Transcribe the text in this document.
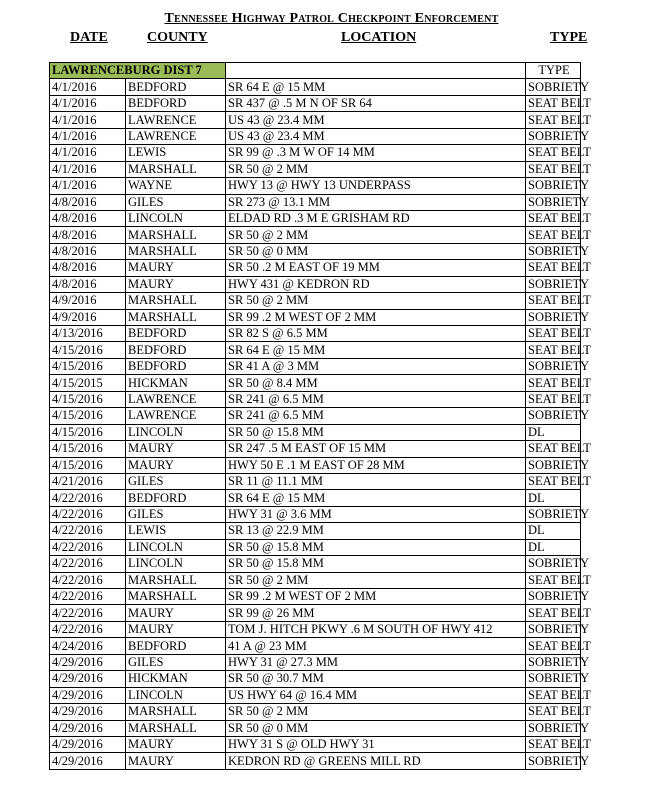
Tennessee Highway Patrol Checkpoint Enforcement
DATE	COUNTY	LOCATION	TYPE
LAWRENCEBURG DIST 7			TYPE
4/1/2016	BEDFORD	SR 64 E @ 15 MM	SOBRIETY
4/1/2016	BEDFORD	SR 437 @ .5 M N OF SR 64	SEAT BELT
4/1/2016	LAWRENCE	US 43 @ 23.4 MM	SEAT BELT
4/1/2016	LAWRENCE	US 43 @ 23.4 MM	SOBRIETY
4/1/2016	LEWIS	SR 99 @ .3 M W OF 14 MM	SEAT BELT
4/1/2016	MARSHALL	SR 50 @ 2 MM	SEAT BELT
4/1/2016	WAYNE	HWY 13 @ HWY 13 UNDERPASS	SOBRIETY
4/8/2016	GILES	SR 273 @ 13.1 MM	SOBRIETY
4/8/2016	LINCOLN	ELDAD RD .3 M E GRISHAM RD	SEAT BELT
4/8/2016	MARSHALL	SR 50 @ 2 MM	SEAT BELT
4/8/2016	MARSHALL	SR 50 @ 0 MM	SOBRIETY
4/8/2016	MAURY	SR 50 .2 M EAST OF 19 MM	SEAT BELT
4/8/2016	MAURY	HWY 431 @ KEDRON RD	SOBRIETY
4/9/2016	MARSHALL	SR 50 @ 2 MM	SEAT BELT
4/9/2016	MARSHALL	SR 99 .2 M WEST OF 2 MM	SOBRIETY
4/13/2016	BEDFORD	SR 82 S @ 6.5 MM	SEAT BELT
4/15/2016	BEDFORD	SR 64 E @ 15 MM	SEAT BELT
4/15/2016	BEDFORD	SR 41 A @ 3 MM	SOBRIETY
4/15/2015	HICKMAN	SR 50 @ 8.4 MM	SEAT BELT
4/15/2016	LAWRENCE	SR 241 @ 6.5 MM	SEAT BELT
4/15/2016	LAWRENCE	SR 241 @ 6.5 MM	SOBRIETY
4/15/2016	LINCOLN	SR 50 @ 15.8 MM	DL
4/15/2016	MAURY	SR 247 .5 M EAST OF 15 MM	SEAT BELT
4/15/2016	MAURY	HWY 50 E .1 M EAST OF 28 MM	SOBRIETY
4/21/2016	GILES	SR 11 @ 11.1 MM	SEAT BELT
4/22/2016	BEDFORD	SR 64 E @ 15 MM	DL
4/22/2016	GILES	HWY 31 @ 3.6 MM	SOBRIETY
4/22/2016	LEWIS	SR 13 @ 22.9 MM	DL
4/22/2016	LINCOLN	SR 50 @ 15.8 MM	DL
4/22/2016	LINCOLN	SR 50 @ 15.8 MM	SOBRIETY
4/22/2016	MARSHALL	SR 50 @ 2 MM	SEAT BELT
4/22/2016	MARSHALL	SR 99 .2 M WEST OF 2 MM	SOBRIETY
4/22/2016	MAURY	SR 99 @ 26 MM	SEAT BELT
4/22/2016	MAURY	TOM J. HITCH PKWY .6 M SOUTH OF HWY 412	SOBRIETY
4/24/2016	BEDFORD	41 A @ 23 MM	SEAT BELT
4/29/2016	GILES	HWY 31 @ 27.3 MM	SOBRIETY
4/29/2016	HICKMAN	SR 50 @ 30.7 MM	SOBRIETY
4/29/2016	LINCOLN	US HWY 64 @ 16.4 MM	SEAT BELT
4/29/2016	MARSHALL	SR 50 @ 2 MM	SEAT BELT
4/29/2016	MARSHALL	SR 50 @ 0 MM	SOBRIETY
4/29/2016	MAURY	HWY 31 S @ OLD HWY 31	SEAT BELT
4/29/2016	MAURY	KEDRON RD @ GREENS MILL RD	SOBRIETY
